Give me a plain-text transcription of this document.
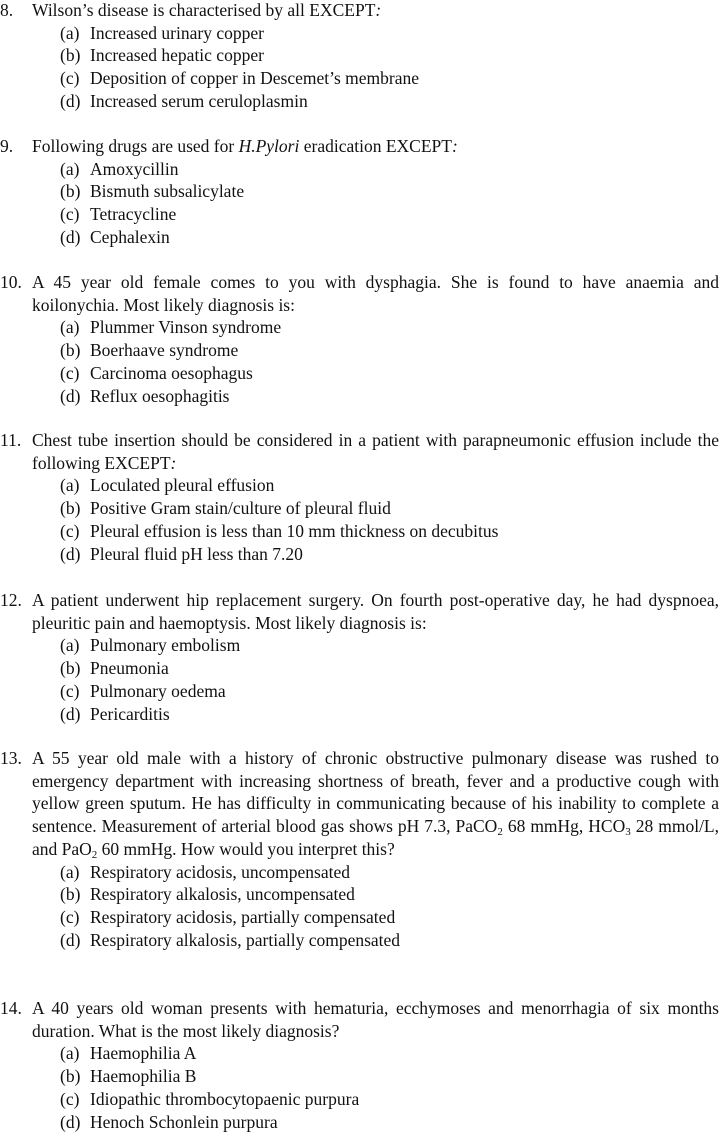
8. Wilson’s disease is characterised by all EXCEPT:
(a) Increased urinary copper
(b) Increased hepatic copper
(c) Deposition of copper in Descemet’s membrane
(d) Increased serum ceruloplasmin
9. Following drugs are used for H.Pylori eradication EXCEPT:
(a) Amoxycillin
(b) Bismuth subsalicylate
(c) Tetracycline
(d) Cephalexin
10. A 45 year old female comes to you with dysphagia. She is found to have anaemia and koilonychia. Most likely diagnosis is:
(a) Plummer Vinson syndrome
(b) Boerhaave syndrome
(c) Carcinoma oesophagus
(d) Reflux oesophagitis
11. Chest tube insertion should be considered in a patient with parapneumonic effusion include the following EXCEPT:
(a) Loculated pleural effusion
(b) Positive Gram stain/culture of pleural fluid
(c) Pleural effusion is less than 10 mm thickness on decubitus
(d) Pleural fluid pH less than 7.20
12. A patient underwent hip replacement surgery. On fourth post-operative day, he had dyspnoea, pleuritic pain and haemoptysis. Most likely diagnosis is:
(a) Pulmonary embolism
(b) Pneumonia
(c) Pulmonary oedema
(d) Pericarditis
13. A 55 year old male with a history of chronic obstructive pulmonary disease was rushed to emergency department with increasing shortness of breath, fever and a productive cough with yellow green sputum. He has difficulty in communicating because of his inability to complete a sentence. Measurement of arterial blood gas shows pH 7.3, PaCO$_2$ 68 mmHg, $HCO_3$ 28 mmol/L, and PaO$_2$ 60 mmHg. How would you interpret this?
(a) Respiratory acidosis, uncompensated
(b) Respiratory alkalosis, uncompensated
(c) Respiratory acidosis, partially compensated
(d) Respiratory alkalosis, partially compensated
14. A 40 years old woman presents with hematuria, ecchymoses and menorrhagia of six months duration. What is the most likely diagnosis?
(a) Haemophilia A
(b) Haemophilia B
(c) Idiopathic thrombocytopaenic purpura
(d) Henoch Schonlein purpura
